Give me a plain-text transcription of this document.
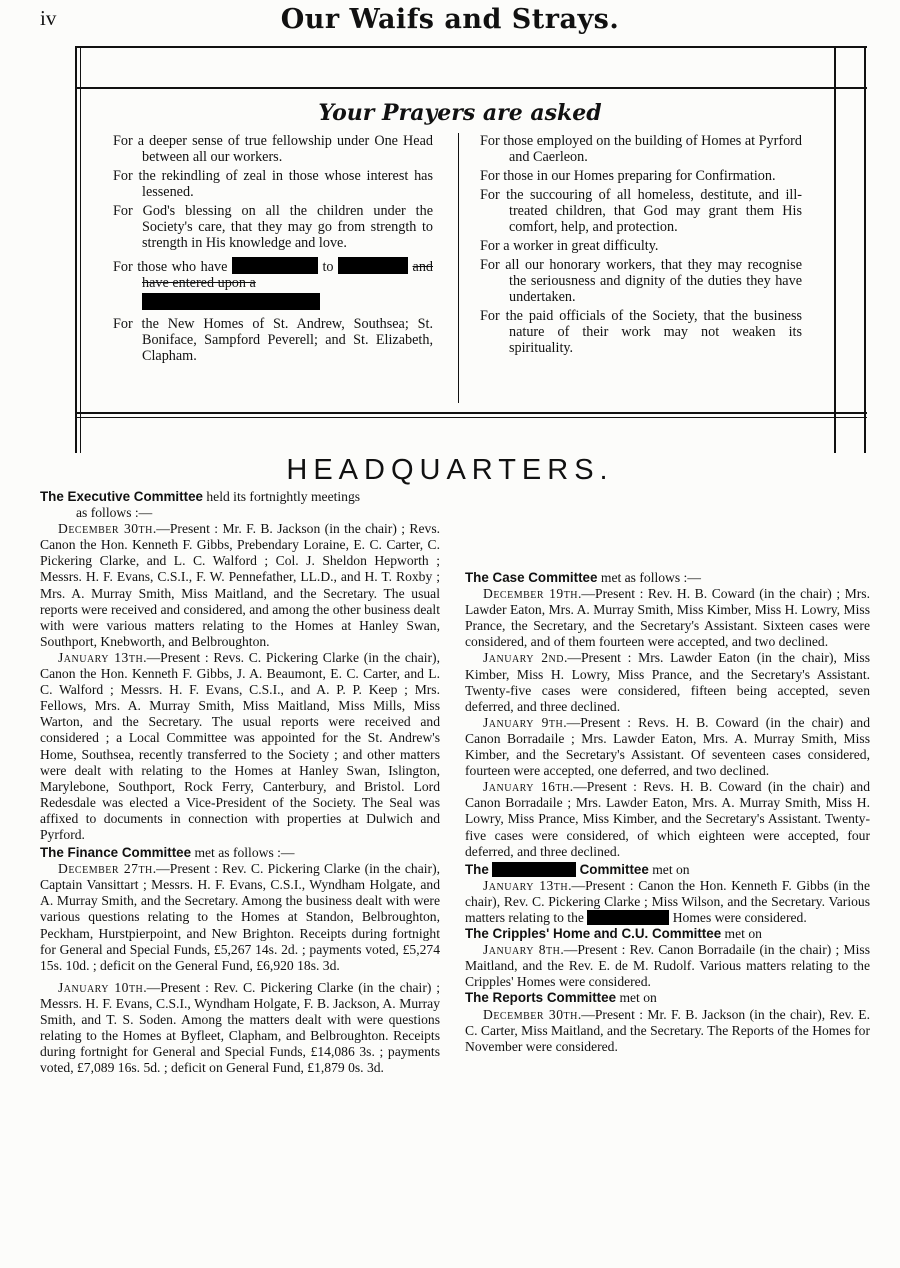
iv	Our Waifs and Strays.
Your Prayers are asked

For a deeper sense of true fellowship under One Head between all our workers.

For the rekindling of zeal in those whose interest has lessened.

For God's blessing on all the children under the Society's care, that they may go from strength to strength in His knowledge and love.

For those who have	to	and have entered upon a

For the New Homes of St. Andrew, Southsea; St. Boniface, Sampford Peverell; and St. Elizabeth, Clapham.

For those employed on the building of Homes at Pyrford and Caerleon.

For those in our Homes preparing for Confirmation.

For the succouring of all homeless, destitute, and ill-treated children, that God may grant them His comfort, help, and protection.

For a worker in great difficulty.

For all our honorary workers, that they may recognise the seriousness and dignity of the duties they have undertaken.

For the paid officials of the Society, that the business nature of their work may not weaken its spirituality.

HEADQUARTERS.

The Executive Committee held its fortnightly meetings

as follows :—

December 30th.—Present : Mr. F. B. Jackson (in the chair) ; Revs. Canon the Hon. Kenneth F. Gibbs, Prebendary Loraine, E. C. Carter, C. Pickering Clarke, and L. C. Walford ; Col. J. Sheldon Hepworth ; Messrs. H. F. Evans, C.S.I., F. W. Pennefather, LL.D., and H. T. Roxby ; Mrs. A. Murray Smith, Miss Maitland, and the Secretary. The usual reports were received and considered, and among the other business dealt with were various matters relating to the Homes at Hanley Swan, Southport, Knebworth, and Belbroughton.

January 13th.—Present : Revs. C. Pickering Clarke (in the chair), Canon the Hon. Kenneth F. Gibbs, J. A. Beaumont, E. C. Carter, and L. C. Walford ; Messrs. H. F. Evans, C.S.I., and A. P. P. Keep ; Mrs. Fellows, Mrs. A. Murray Smith, Miss Maitland, Miss Mills, Miss Warton, and the Secretary. The usual reports were received and considered ; a Local Committee was appointed for the St. Andrew's Home, Southsea, recently transferred to the Society ; and other matters were dealt with relating to the Homes at Hanley Swan, Islington, Marylebone, Southport, Rock Ferry, Canterbury, and Bristol. Lord Redesdale was elected a Vice-President of the Society. The Seal was affixed to documents in connection with properties at Dulwich and Pyrford.

The Finance Committee met as follows :—

December 27th.—Present : Rev. C. Pickering Clarke (in the chair), Captain Vansittart ; Messrs. H. F. Evans, C.S.I., Wyndham Holgate, and A. Murray Smith, and the Secretary. Among the business dealt with were various questions relating to the Homes at Standon, Belbroughton, Peckham, Hurstpierpoint, and New Brighton. Receipts during fortnight for General and Special Funds, £5,267 14s. 2d. ; payments voted, £5,274 15s. 10d. ; deficit on the General Fund, £6,920 18s. 3d.

January 10th.—Present : Rev. C. Pickering Clarke (in the chair) ; Messrs. H. F. Evans, C.S.I., Wyndham Holgate, F. B. Jackson, A. Murray Smith, and T. S. Soden. Among the matters dealt with were questions relating to the Homes at Byfleet, Clapham, and Belbroughton. Receipts during fortnight for General and Special Funds, £14,086 3s. ; payments voted, £7,089 16s. 5d. ; deficit on General Fund, £1,879 0s. 3d.

The Case Committee met as follows :—

December 19th.—Present : Rev. H. B. Coward (in the chair) ; Mrs. Lawder Eaton, Mrs. A. Murray Smith, Miss Kimber, Miss H. Lowry, Miss Prance, the Secretary, and the Secretary's Assistant. Sixteen cases were considered, and of them fourteen were accepted, and two declined.

January 2nd.—Present : Mrs. Lawder Eaton (in the chair), Miss Kimber, Miss H. Lowry, Miss Prance, and the Secretary's Assistant. Twenty-five cases were considered, fifteen being accepted, seven deferred, and three declined.

January 9th.—Present : Revs. H. B. Coward (in the chair) and Canon Borradaile ; Mrs. Lawder Eaton, Mrs. A. Murray Smith, Miss Kimber, and the Secretary's Assistant. Of seventeen cases considered, fourteen were accepted, one deferred, and two declined.

January 16th.—Present : Revs. H. B. Coward (in the chair) and Canon Borradaile ; Mrs. Lawder Eaton, Mrs. A. Murray Smith, Miss H. Lowry, Miss Prance, Miss Kimber, and the Secretary's Assistant. Twenty-five cases were considered, of which eighteen were accepted, four deferred, and three declined.

The	Committee met on

January 13th.—Present : Canon the Hon. Kenneth F. Gibbs (in the chair), Rev. C. Pickering Clarke ; Miss Wilson, and the Secretary. Various matters relating to the	Homes were considered.

The Cripples' Home and C.U. Committee met on

January 8th.—Present : Rev. Canon Borradaile (in the chair) ; Miss Maitland, and the Rev. E. de M. Rudolf. Various matters relating to the Cripples' Homes were considered.

The Reports Committee met on

December 30th.—Present : Mr. F. B. Jackson (in the chair), Rev. E. C. Carter, Miss Maitland, and the Secretary. The Reports of the Homes for November were considered.
